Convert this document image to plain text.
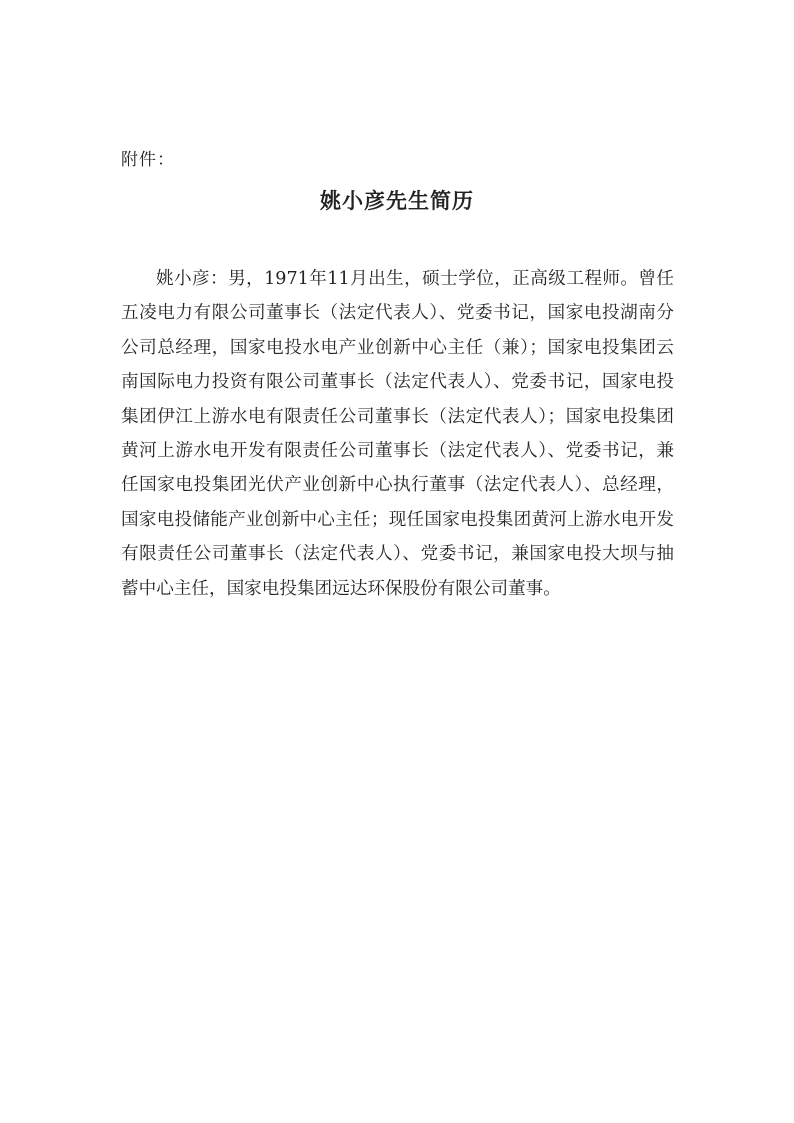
附件：
姚小彦先生简历

姚小彦：男，1971年11月出生，硕士学位，正高级工程师。曾任五凌电力有限公司董事长（法定代表人）、党委书记，国家电投湖南分公司总经理，国家电投水电产业创新中心主任（兼）；国家电投集团云南国际电力投资有限公司董事长（法定代表人）、党委书记，国家电投集团伊江上游水电有限责任公司董事长（法定代表人）；国家电投集团黄河上游水电开发有限责任公司董事长（法定代表人）、党委书记，兼任国家电投集团光伏产业创新中心执行董事（法定代表人）、总经理，国家电投储能产业创新中心主任；现任国家电投集团黄河上游水电开发有限责任公司董事长（法定代表人）、党委书记，兼国家电投大坝与抽蓄中心主任，国家电投集团远达环保股份有限公司董事。
